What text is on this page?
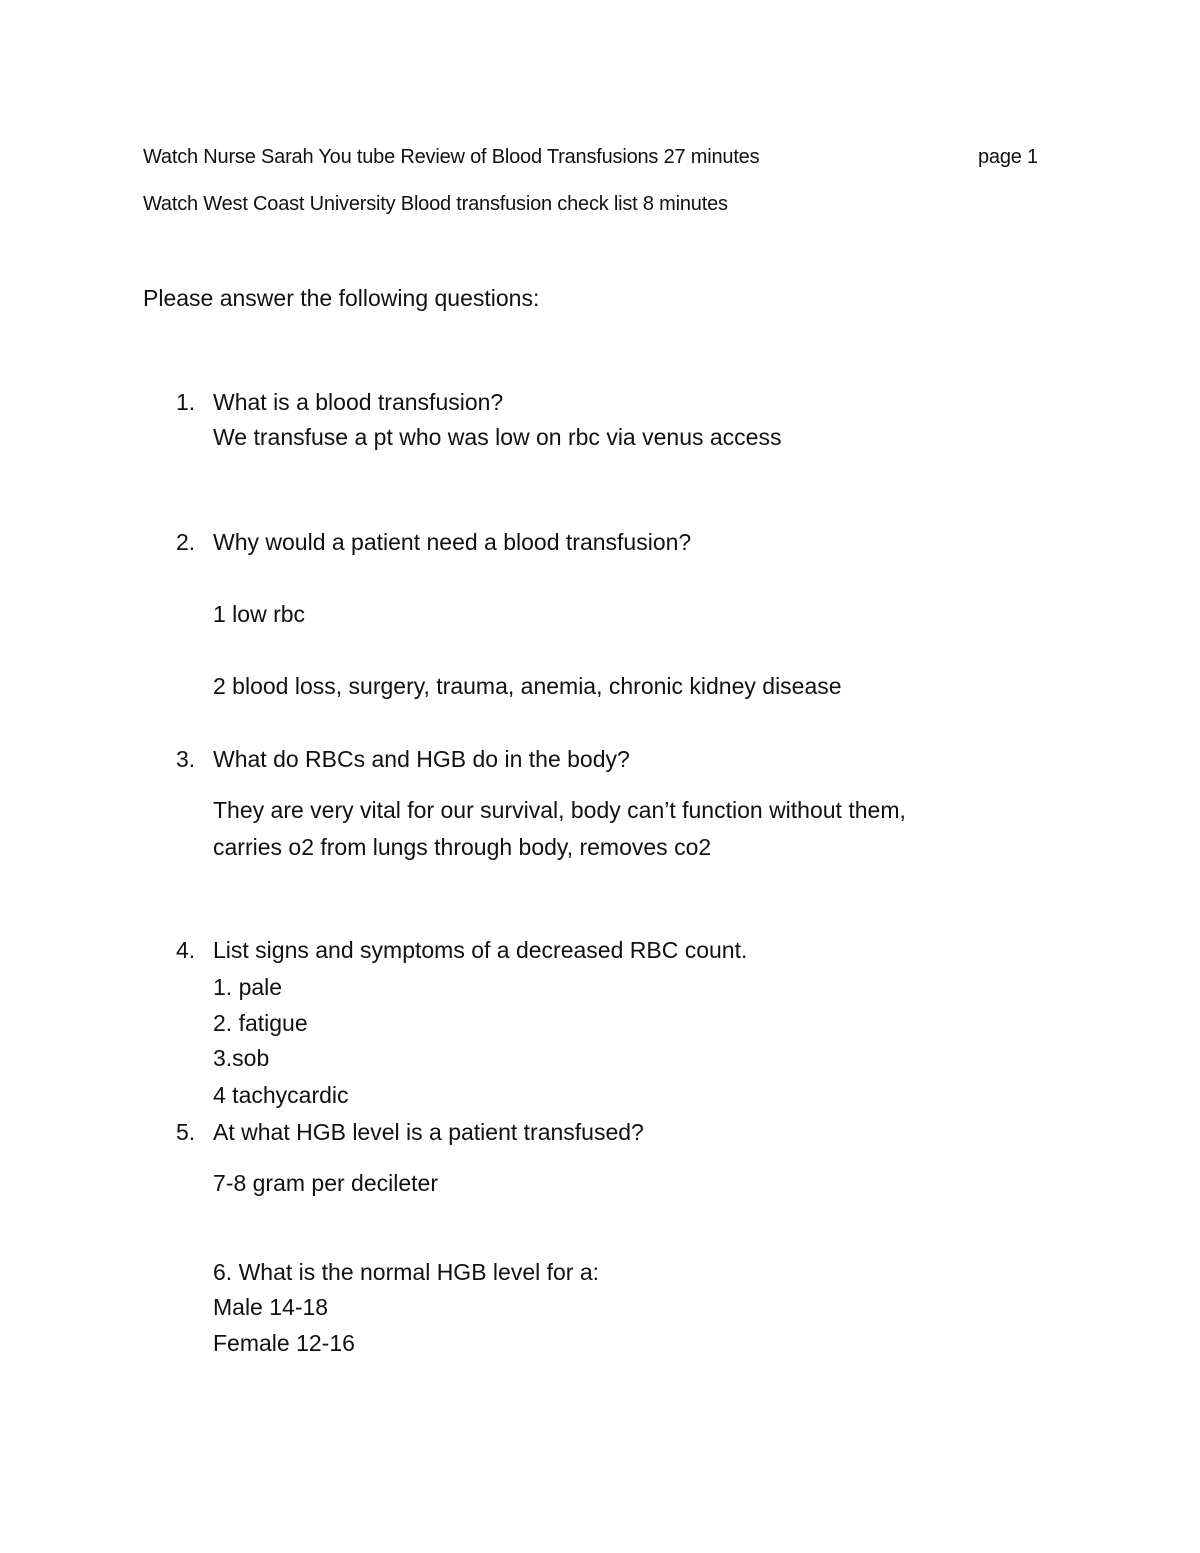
Watch Nurse Sarah You tube Review of Blood Transfusions 27 minutes	page 1
Watch West Coast University Blood transfusion check list 8 minutes
Please answer the following questions:
1. What is a blood transfusion?
We transfuse a pt who was low on rbc via venus access
2. Why would a patient need a blood transfusion?
1 low rbc
2 blood loss, surgery, trauma, anemia, chronic kidney disease
3. What do RBCs and HGB do in the body?
They are very vital for our survival, body can’t function without them,
carries o2 from lungs through body, removes co2
4. List signs and symptoms of a decreased RBC count.
1. pale
2. fatigue
3.sob
4 tachycardic
5. At what HGB level is a patient transfused?
7-8 gram per decileter
6. What is the normal HGB level for a:
Male 14-18
Female 12-16
